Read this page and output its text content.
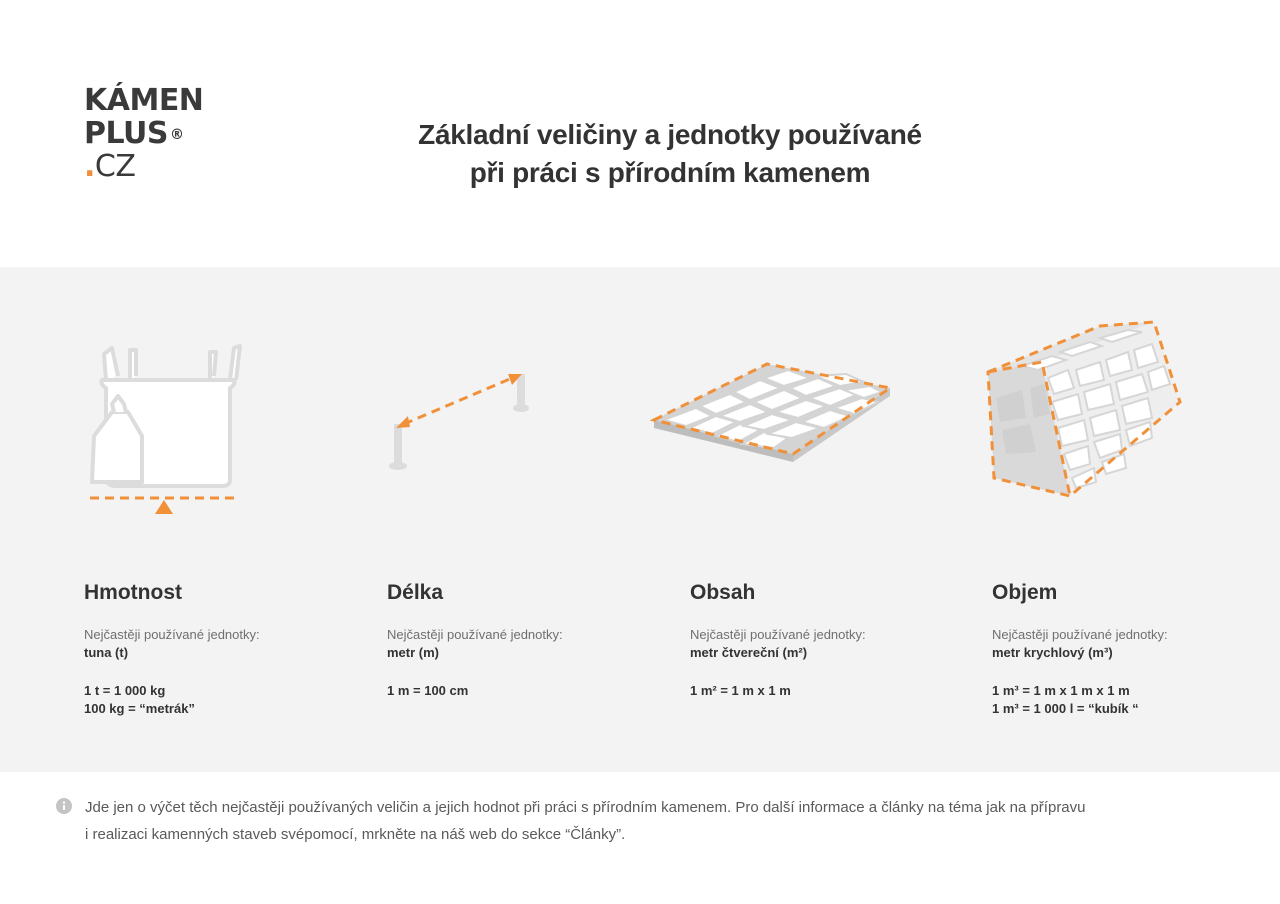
KÁMEN
PLUS ®
.CZ
Základní veličiny a jednotky používané
při práci s přírodním kamenem
Hmotnost
Nejčastěji používané jednotky:
tuna (t)
1 t = 1 000 kg
100 kg = “metrák”
Délka
Nejčastěji používané jednotky:
metr (m)
1 m = 100 cm
Obsah
Nejčastěji používané jednotky:
metr čtvereční (m²)
1 m² = 1 m x 1 m
Objem
Nejčastěji používané jednotky:
metr krychlový (m³)
1 m³ = 1 m x 1 m x 1 m
1 m³ = 1 000 l = “kubík “
Jde jen o výčet těch nejčastěji používaných veličin a jejich hodnot při práci s přírodním kamenem. Pro další informace a články na téma jak na přípravu
i realizaci kamenných staveb svépomocí, mrkněte na náš web do sekce “Články”.
